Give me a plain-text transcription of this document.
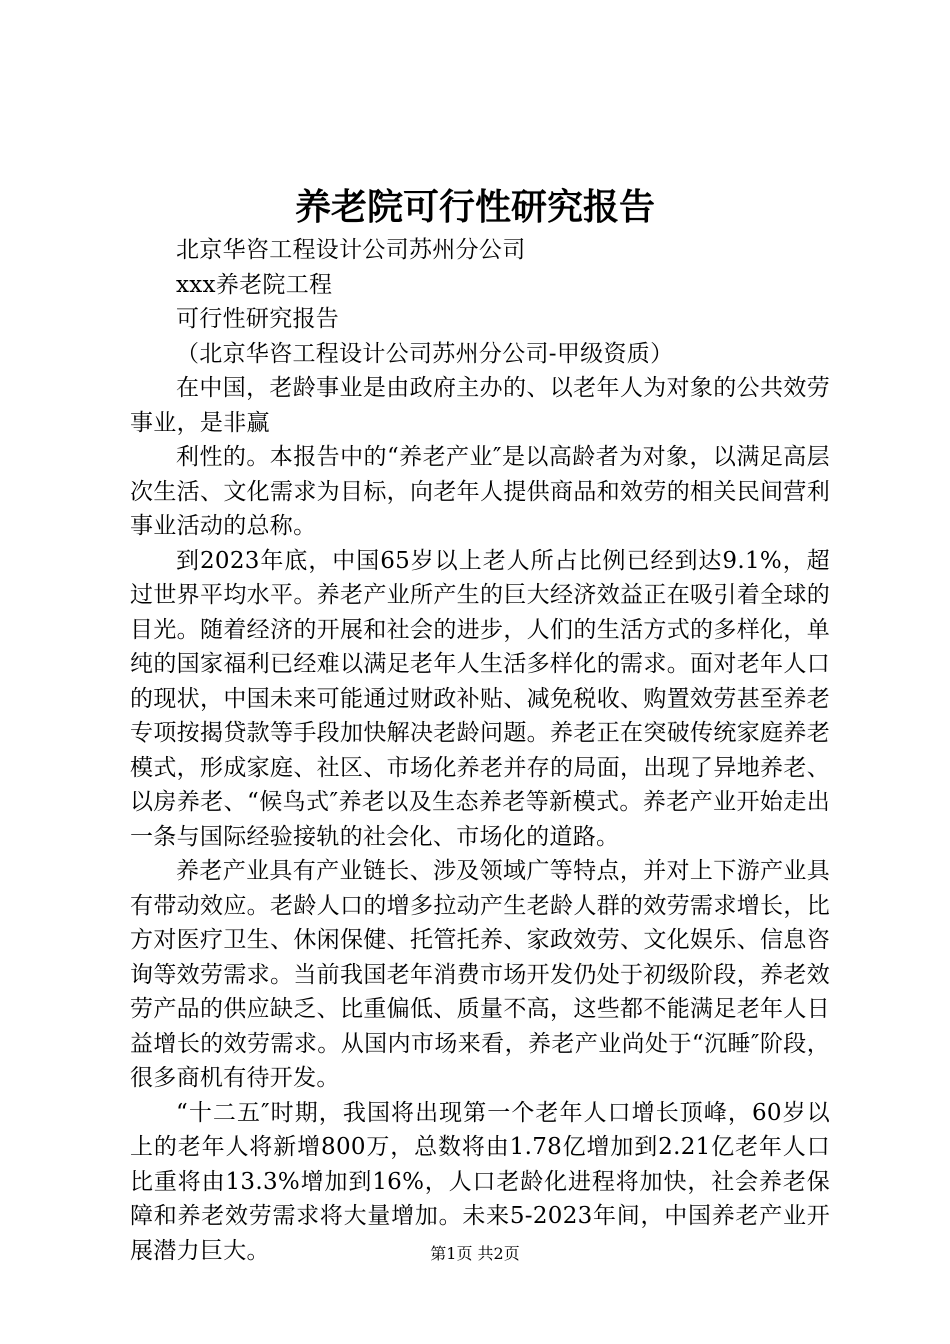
养老院可行性研究报告

北京华咨工程设计公司苏州分公司

xxx养老院工程

可行性研究报告

（北京华咨工程设计公司苏州分公司-甲级资质）

在中国，老龄事业是由政府主办的、以老年人为对象的公共效劳事业，是非赢

利性的。本报告中的“养老产业″是以高龄者为对象，以满足高层次生活、文化需求为目标，向老年人提供商品和效劳的相关民间营利事业活动的总称。

到2023年底，中国65岁以上老人所占比例已经到达9.1%，超过世界平均水平。养老产业所产生的巨大经济效益正在吸引着全球的目光。随着经济的开展和社会的进步，人们的生活方式的多样化，单纯的国家福利已经难以满足老年人生活多样化的需求。面对老年人口的现状，中国未来可能通过财政补贴、减免税收、购置效劳甚至养老专项按揭贷款等手段加快解决老龄问题。养老正在突破传统家庭养老模式，形成家庭、社区、市场化养老并存的局面，出现了异地养老、以房养老、“候鸟式″养老以及生态养老等新模式。养老产业开始走出一条与国际经验接轨的社会化、市场化的道路。

养老产业具有产业链长、涉及领域广等特点，并对上下游产业具有带动效应。老龄人口的增多拉动产生老龄人群的效劳需求增长，比方对医疗卫生、休闲保健、托管托养、家政效劳、文化娱乐、信息咨询等效劳需求。当前我国老年消费市场开发仍处于初级阶段，养老效劳产品的供应缺乏、比重偏低、质量不高，这些都不能满足老年人日益增长的效劳需求。从国内市场来看，养老产业尚处于“沉睡″阶段，很多商机有待开发。

“十二五″时期，我国将出现第一个老年人口增长顶峰，60岁以上的老年人将新增800万，总数将由1.78亿增加到2.21亿老年人口比重将由13.3%增加到16%，人口老龄化进程将加快，社会养老保障和养老效劳需求将大量增加。未来5-2023年间，中国养老产业开展潜力巨大。	第1页 共2页
